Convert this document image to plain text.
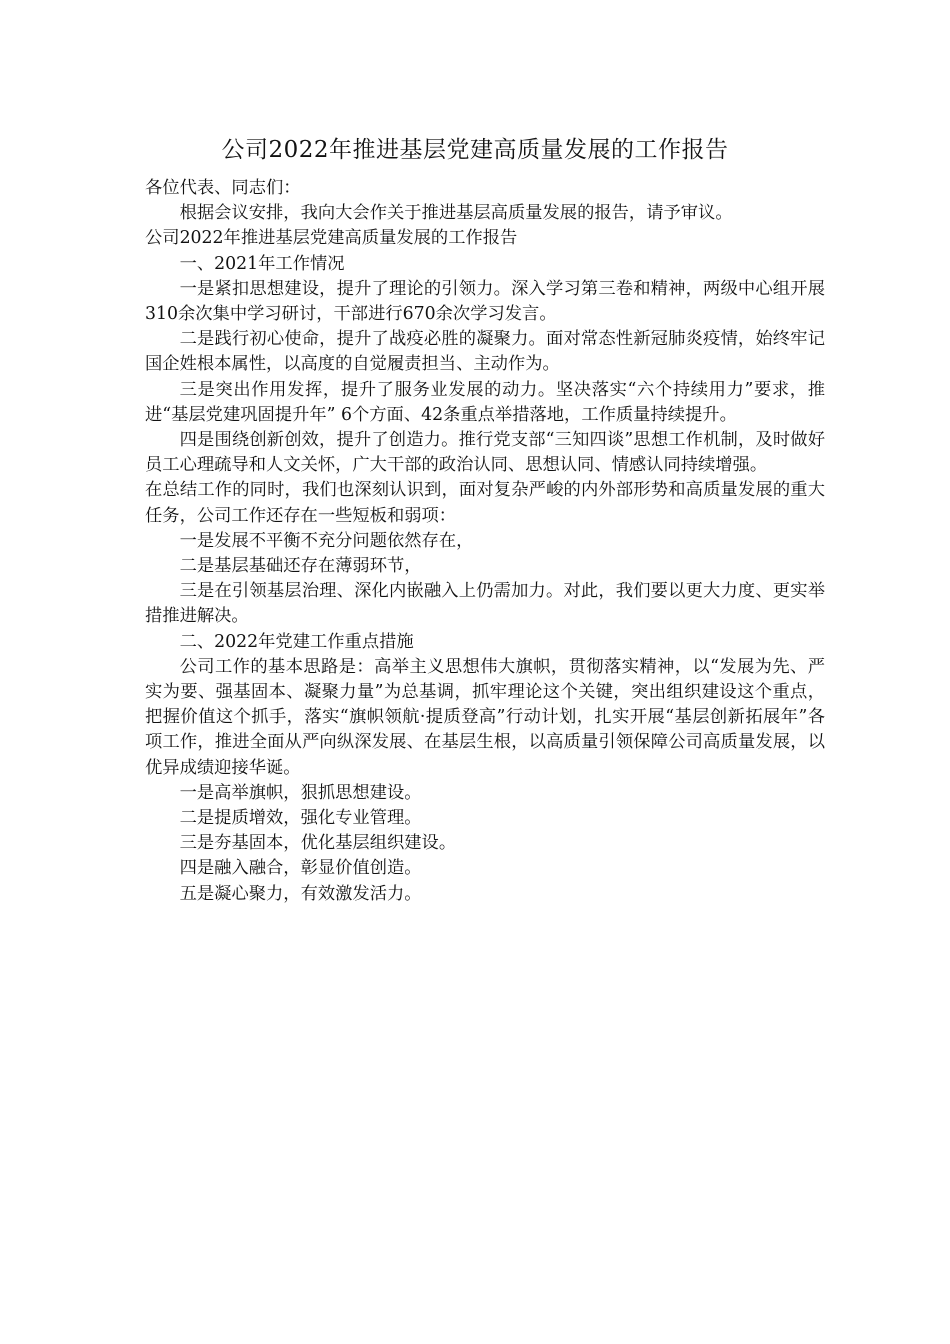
公司2022年推进基层党建高质量发展的工作报告

各位代表、同志们：

根据会议安排，我向大会作关于推进基层高质量发展的报告，请予审议。

公司2022年推进基层党建高质量发展的工作报告

一、2021年工作情况

一是紧扣思想建设，提升了理论的引领力。深入学习第三卷和精神，两级中心组开展310余次集中学习研讨，干部进行670余次学习发言。

二是践行初心使命，提升了战疫必胜的凝聚力。面对常态性新冠肺炎疫情，始终牢记国企姓根本属性，以高度的自觉履责担当、主动作为。

三是突出作用发挥，提升了服务业发展的动力。坚决落实“六个持续用力”要求，推进“基层党建巩固提升年” 6个方面、42条重点举措落地，工作质量持续提升。

四是围绕创新创效，提升了创造力。推行党支部“三知四谈”思想工作机制，及时做好员工心理疏导和人文关怀，广大干部的政治认同、思想认同、情感认同持续增强。

在总结工作的同时，我们也深刻认识到，面对复杂严峻的内外部形势和高质量发展的重大任务，公司工作还存在一些短板和弱项：

一是发展不平衡不充分问题依然存在，

二是基层基础还存在薄弱环节，

三是在引领基层治理、深化内嵌融入上仍需加力。对此，我们要以更大力度、更实举措推进解决。

二、2022年党建工作重点措施

公司工作的基本思路是：高举主义思想伟大旗帜，贯彻落实精神，以“发展为先、严实为要、强基固本、凝聚力量”为总基调，抓牢理论这个关键，突出组织建设这个重点，把握价值这个抓手，落实“旗帜领航·提质登高”行动计划，扎实开展“基层创新拓展年”各项工作，推进全面从严向纵深发展、在基层生根，以高质量引领保障公司高质量发展，以优异成绩迎接华诞。

一是高举旗帜，狠抓思想建设。

二是提质增效，强化专业管理。

三是夯基固本，优化基层组织建设。

四是融入融合，彰显价值创造。

五是凝心聚力，有效激发活力。
